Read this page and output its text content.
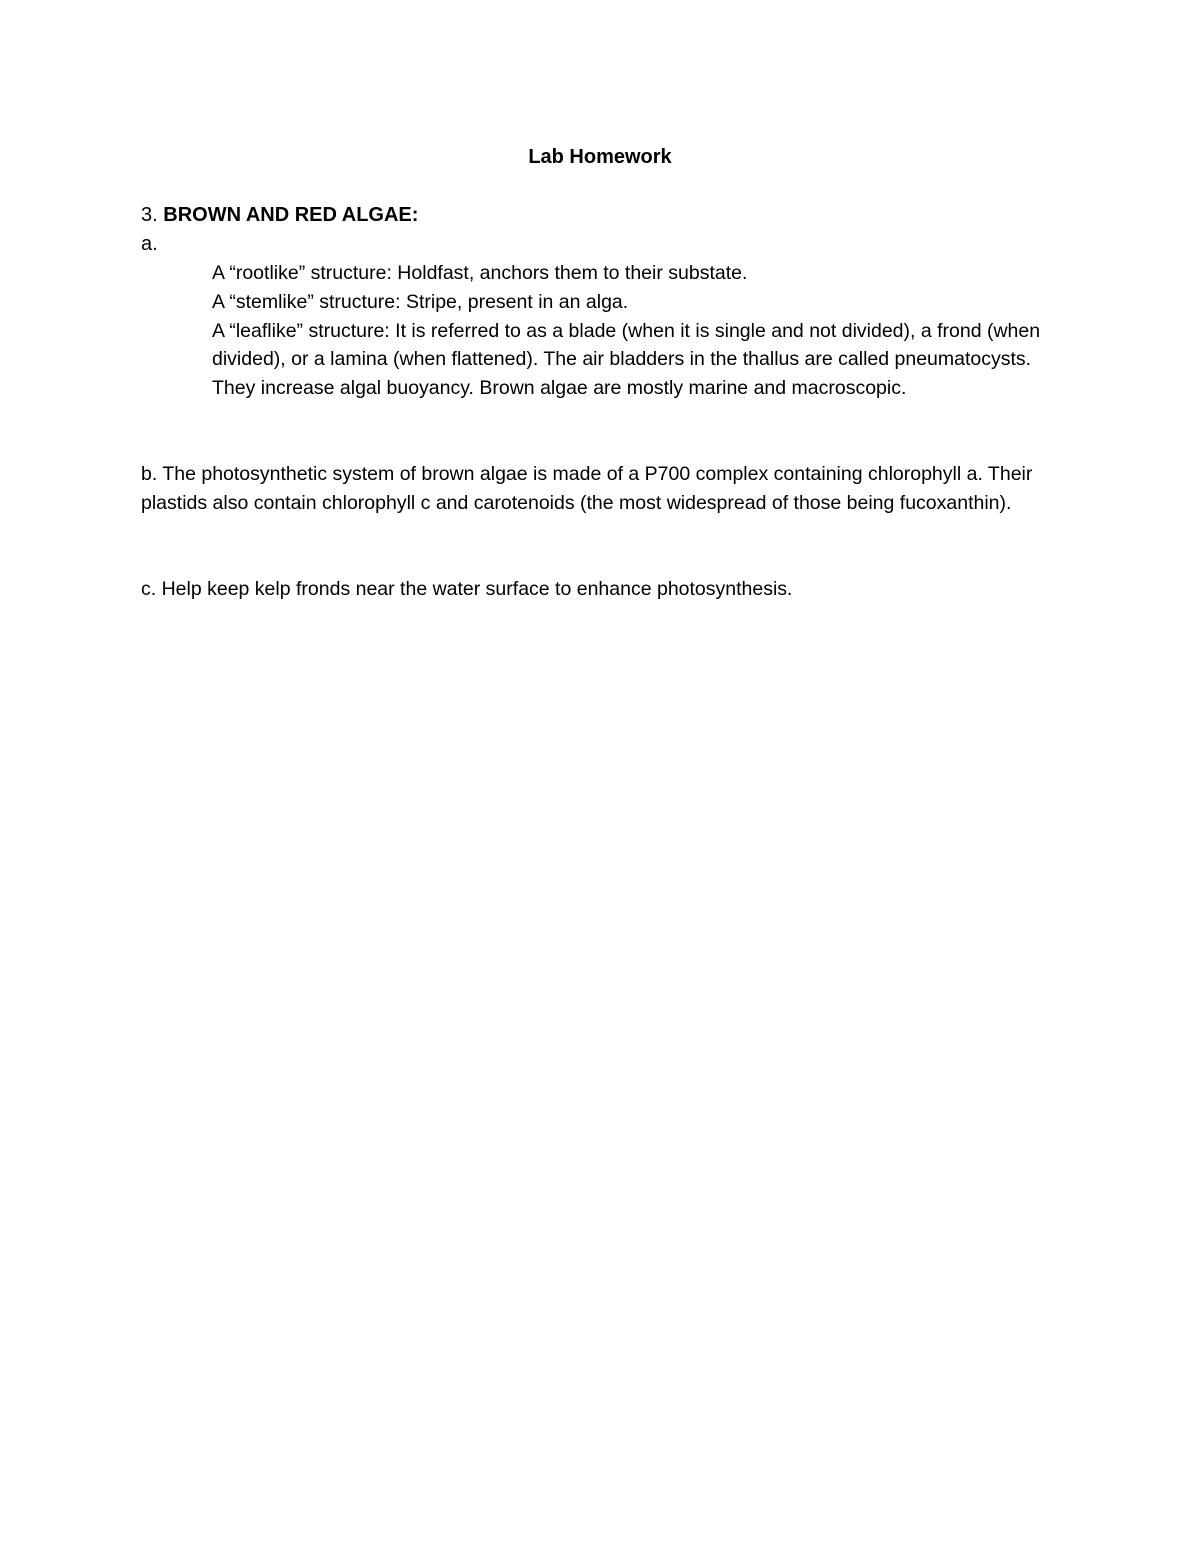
Lab Homework
3. BROWN AND RED ALGAE:
a.

A “rootlike” structure: Holdfast, anchors them to their substate.

A “stemlike” structure: Stripe, present in an alga.

A “leaflike” structure: It is referred to as a blade (when it is single and not divided), a frond (when divided), or a lamina (when flattened). The air bladders in the thallus are called pneumatocysts. They increase algal buoyancy. Brown algae are mostly marine and macroscopic.

b. The photosynthetic system of brown algae is made of a P700 complex containing chlorophyll a. Their plastids also contain chlorophyll c and carotenoids (the most widespread of those being fucoxanthin).

c. Help keep kelp fronds near the water surface to enhance photosynthesis.
